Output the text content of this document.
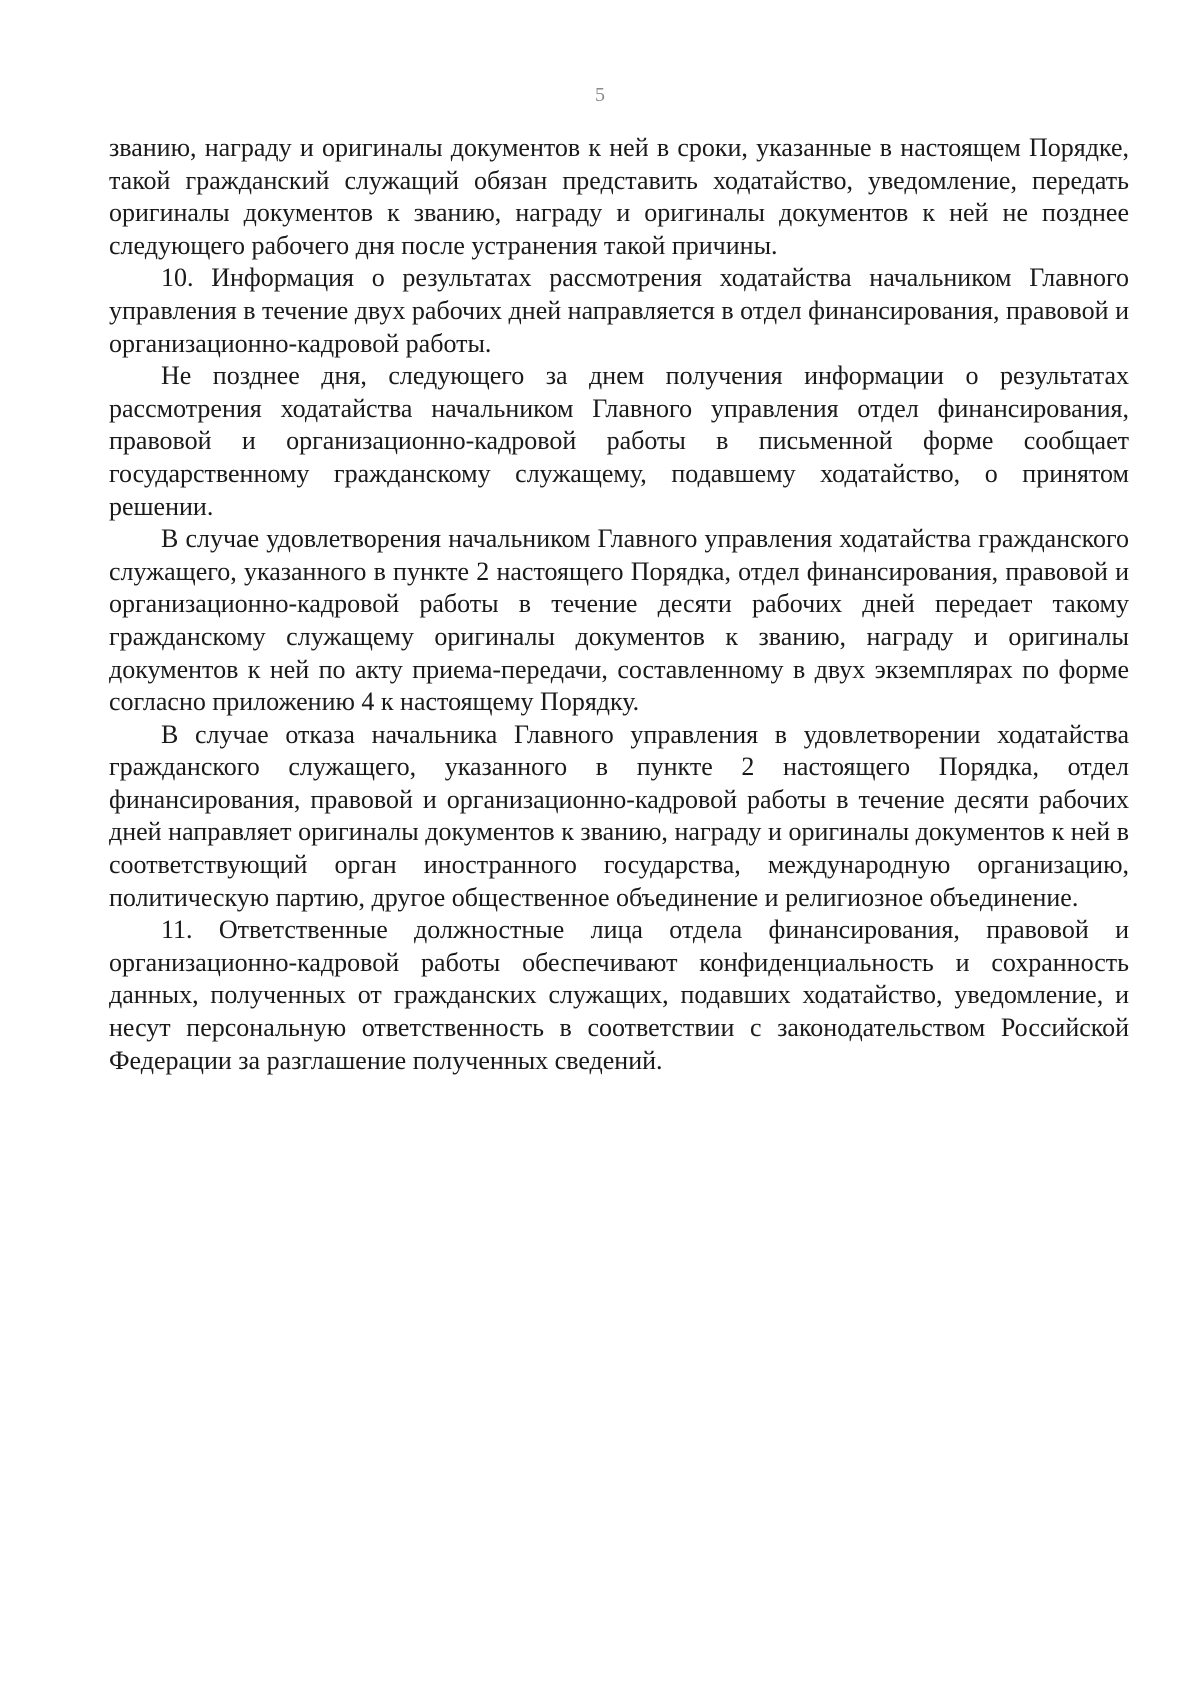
5

званию, награду и оригиналы документов к ней в сроки, указанные в настоящем Порядке, такой гражданский служащий обязан представить ходатайство, уведомление, передать оригиналы документов к званию, награду и оригиналы документов к ней не позднее следующего рабочего дня после устранения такой причины.

10. Информация о результатах рассмотрения ходатайства начальником Главного управления в течение двух рабочих дней направляется в отдел финансирования, правовой и организационно-кадровой работы.

Не позднее дня, следующего за днем получения информации о результатах рассмотрения ходатайства начальником Главного управления отдел финансирования, правовой и организационно-кадровой работы в письменной форме сообщает государственному гражданскому служащему, подавшему ходатайство, о принятом решении.

В случае удовлетворения начальником Главного управления ходатайства гражданского служащего, указанного в пункте 2 настоящего Порядка, отдел финансирования, правовой и организационно-кадровой работы в течение десяти рабочих дней передает такому гражданскому служащему оригиналы документов к званию, награду и оригиналы документов к ней по акту приема-передачи, составленному в двух экземплярах по форме согласно приложению 4 к настоящему Порядку.

В случае отказа начальника Главного управления в удовлетворении ходатайства гражданского служащего, указанного в пункте 2 настоящего Порядка, отдел финансирования, правовой и организационно-кадровой работы в течение десяти рабочих дней направляет оригиналы документов к званию, награду и оригиналы документов к ней в соответствующий орган иностранного государства, международную организацию, политическую партию, другое общественное объединение и религиозное объединение.

11. Ответственные должностные лица отдела финансирования, правовой и организационно-кадровой работы обеспечивают конфиденциальность и сохранность данных, полученных от гражданских служащих, подавших ходатайство, уведомление, и несут персональную ответственность в соответствии с законодательством Российской Федерации за разглашение полученных сведений.
